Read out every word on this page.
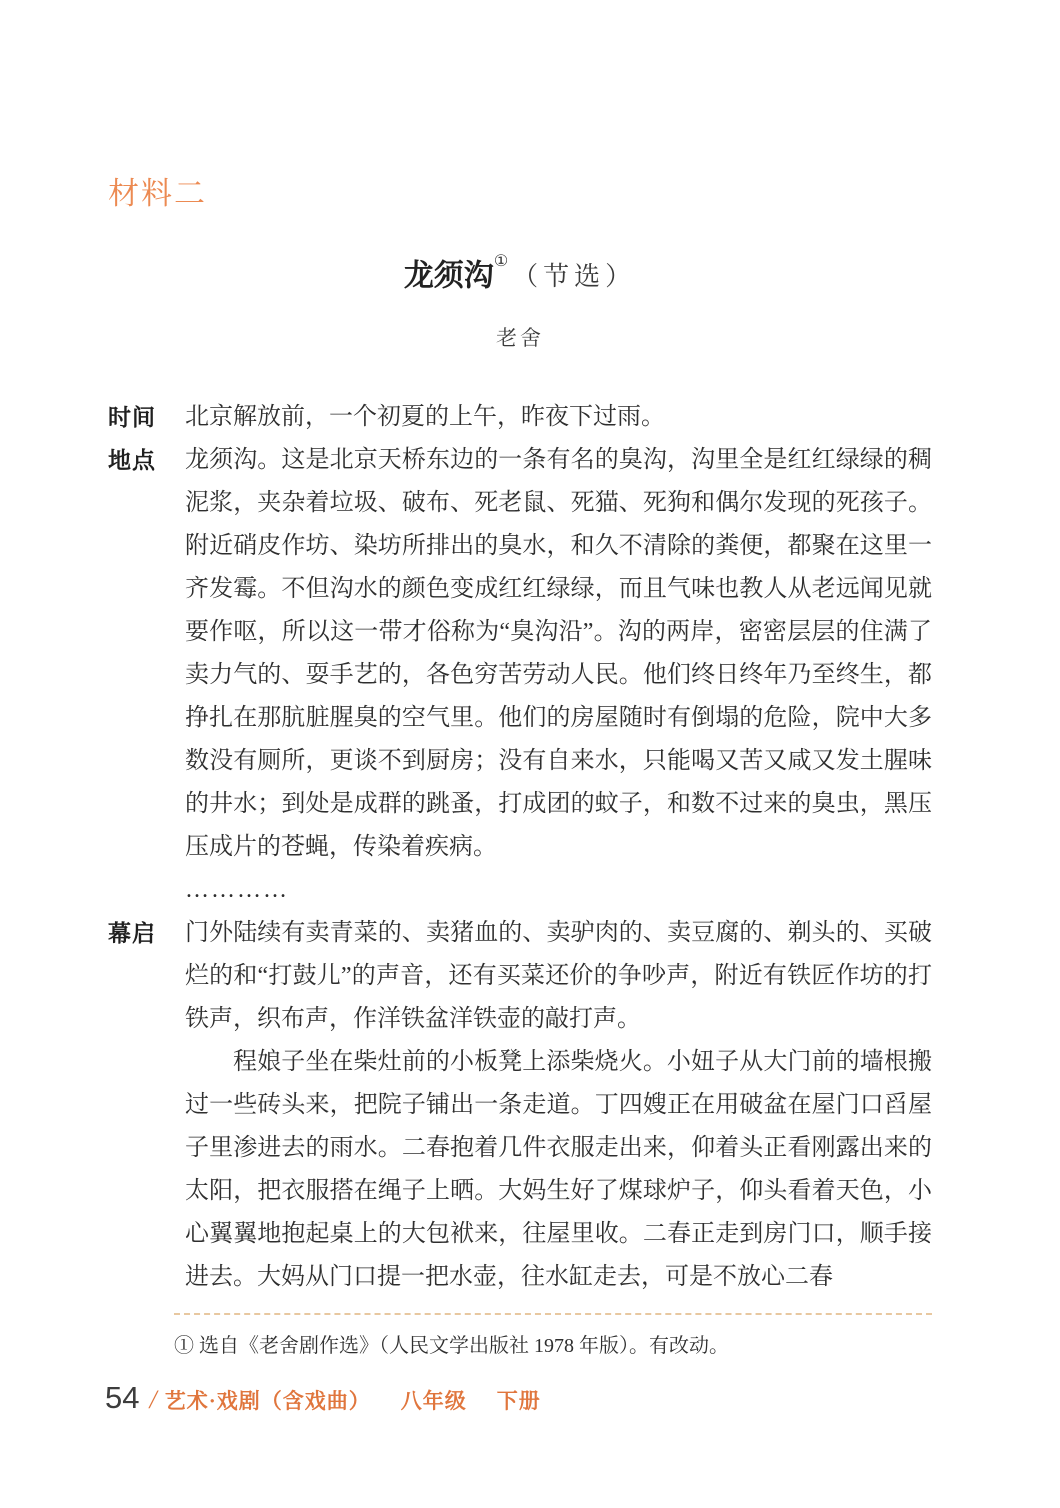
材料二
龙须沟①（节选）
老舍
时间	北京解放前，一个初夏的上午，昨夜下过雨。

地点	龙须沟。这是北京天桥东边的一条有名的臭沟，沟里全是红红绿绿的稠泥浆，夹杂着垃圾、破布、死老鼠、死猫、死狗和偶尔发现的死孩子。附近硝皮作坊、染坊所排出的臭水，和久不清除的粪便，都聚在这里一齐发霉。不但沟水的颜色变成红红绿绿，而且气味也教人从老远闻见就要作呕，所以这一带才俗称为“臭沟沿”。沟的两岸，密密层层的住满了卖力气的、耍手艺的，各色穷苦劳动人民。他们终日终年乃至终生，都挣扎在那肮脏腥臭的空气里。他们的房屋随时有倒塌的危险，院中大多数没有厕所，更谈不到厨房；没有自来水，只能喝又苦又咸又发土腥味的井水；到处是成群的跳蚤，打成团的蚊子，和数不过来的臭虫，黑压压成片的苍蝇，传染着疾病。

…………

幕启	门外陆续有卖青菜的、卖猪血的、卖驴肉的、卖豆腐的、剃头的、买破烂的和“打鼓儿”的声音，还有买菜还价的争吵声，附近有铁匠作坊的打铁声，织布声，作洋铁盆洋铁壶的敲打声。

程娘子坐在柴灶前的小板凳上添柴烧火。小妞子从大门前的墙根搬过一些砖头来，把院子铺出一条走道。丁四嫂正在用破盆在屋门口舀屋子里渗进去的雨水。二春抱着几件衣服走出来，仰着头正看刚露出来的太阳，把衣服搭在绳子上晒。大妈生好了煤球炉子，仰头看着天色，小心翼翼地抱起桌上的大包袱来，往屋里收。二春正走到房门口，顺手接进去。大妈从门口提一把水壶，往水缸走去，可是不放心二春

① 选自《老舍剧作选》（人民文学出版社 1978 年版）。有改动。
54 / 艺术·戏剧（含戏曲） 八年级 下册
